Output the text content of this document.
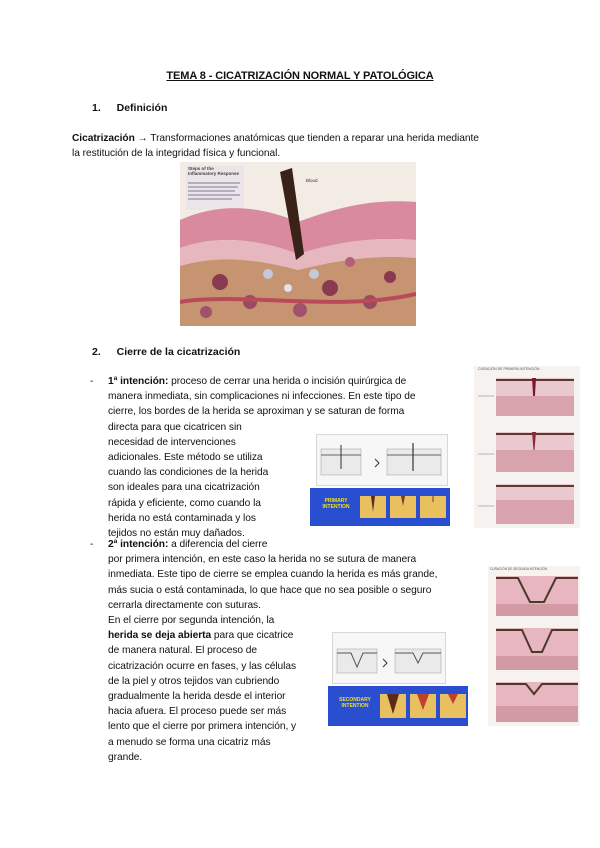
TEMA 8 - CICATRIZACIÓN NORMAL Y PATOLÓGICA
1. Definición
Cicatrización → Transformaciones anatómicas que tienden a reparar una herida mediante
la restitución de la integridad física y funcional.
Steps of the
Inflammatory Response
Blood
2. Cierre de la cicatrización
- 1ª intención: proceso de cerrar una herida o incisión quirúrgica de
manera inmediata, sin complicaciones ni infecciones. En este tipo de
cierre, los bordes de la herida se aproximan y se saturan de forma
directa para que cicatricen sin
necesidad de intervenciones
adicionales. Este método se utiliza
cuando las condiciones de la herida
son ideales para una cicatrización
rápida y eficiente, como cuando la
herida no está contaminada y los
tejidos no están muy dañados.
PRIMARY INTENTION
- 2ª intención: a diferencia del cierre
por primera intención, en este caso la herida no se sutura de manera
inmediata. Este tipo de cierre se emplea cuando la herida es más grande,
más sucia o está contaminada, lo que hace que no sea posible o seguro
cerrarla directamente con suturas.
En el cierre por segunda intención, la
herida se deja abierta para que cicatrice
de manera natural. El proceso de
cicatrización ocurre en fases, y las células
de la piel y otros tejidos van cubriendo
gradualmente la herida desde el interior
hacia afuera. El proceso puede ser más
lento que el cierre por primera intención, y
a menudo se forma una cicatriz más
grande.
SECONDARY INTENTION
CURACIÓN DE PRIMERA INTENCIÓN
CURACIÓN DE SEGUNDA INTENCIÓN
